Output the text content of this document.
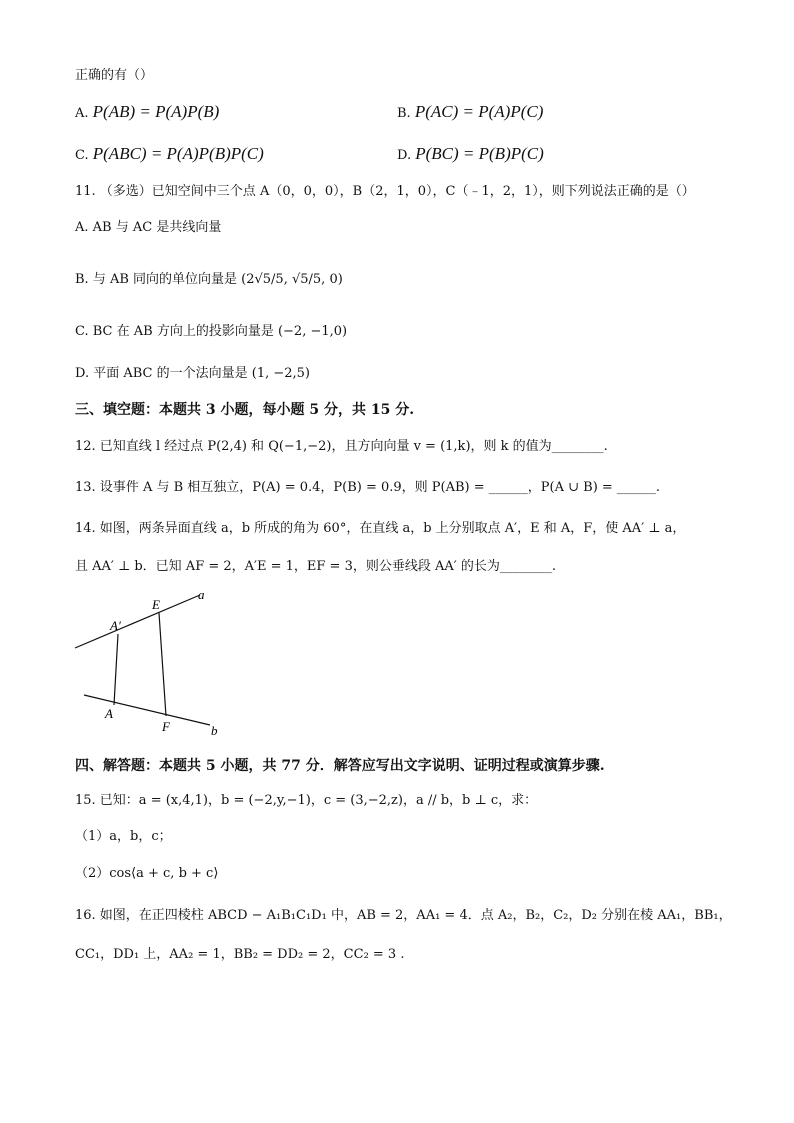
正确的有（）
A. P(AB) = P(A)P(B)	B. P(AC) = P(A)P(C)
C. P(ABC) = P(A)P(B)P(C)	D. P(BC) = P(B)P(C)
11. （多选）已知空间中三个点 A（0，0，0），B（2，1，0），C（﹣1，2，1），则下列说法正确的是（）
A. AB 与 AC 是共线向量
B. 与 AB 同向的单位向量是 (2√5/5, √5/5, 0)
C. BC 在 AB 方向上的投影向量是 (−2, −1,0)
D. 平面 ABC 的一个法向量是 (1, −2,5)
三、填空题：本题共 3 小题，每小题 5 分，共 15 分.
12. 已知直线 l 经过点 P(2,4) 和 Q(−1,−2)，且方向向量 v = (1,k)，则 k 的值为________.
13. 设事件 A 与 B 相互独立，P(A) = 0.4，P(B) = 0.9，则 P(AB) = ______，P(A ∪ B) = ______.
14. 如图，两条异面直线 a，b 所成的角为 60°，在直线 a，b 上分别取点 A′，E 和 A，F，使 AA′ ⊥ a，
且 AA′ ⊥ b．已知 AF = 2，A′E = 1，EF = 3，则公垂线段 AA′ 的长为________.
a
b
E
A′
A
F
四、解答题：本题共 5 小题，共 77 分．解答应写出文字说明、证明过程或演算步骤.
15. 已知：a = (x,4,1)，b = (−2,y,−1)，c = (3,−2,z)，a // b，b ⊥ c，求：
（1）a，b，c；
（2）cos⟨a + c, b + c⟩
16. 如图，在正四棱柱 ABCD − A₁B₁C₁D₁ 中，AB = 2，AA₁ = 4．点 A₂，B₂，C₂，D₂ 分别在棱 AA₁，BB₁，
CC₁，DD₁ 上，AA₂ = 1，BB₂ = DD₂ = 2，CC₂ = 3 .
